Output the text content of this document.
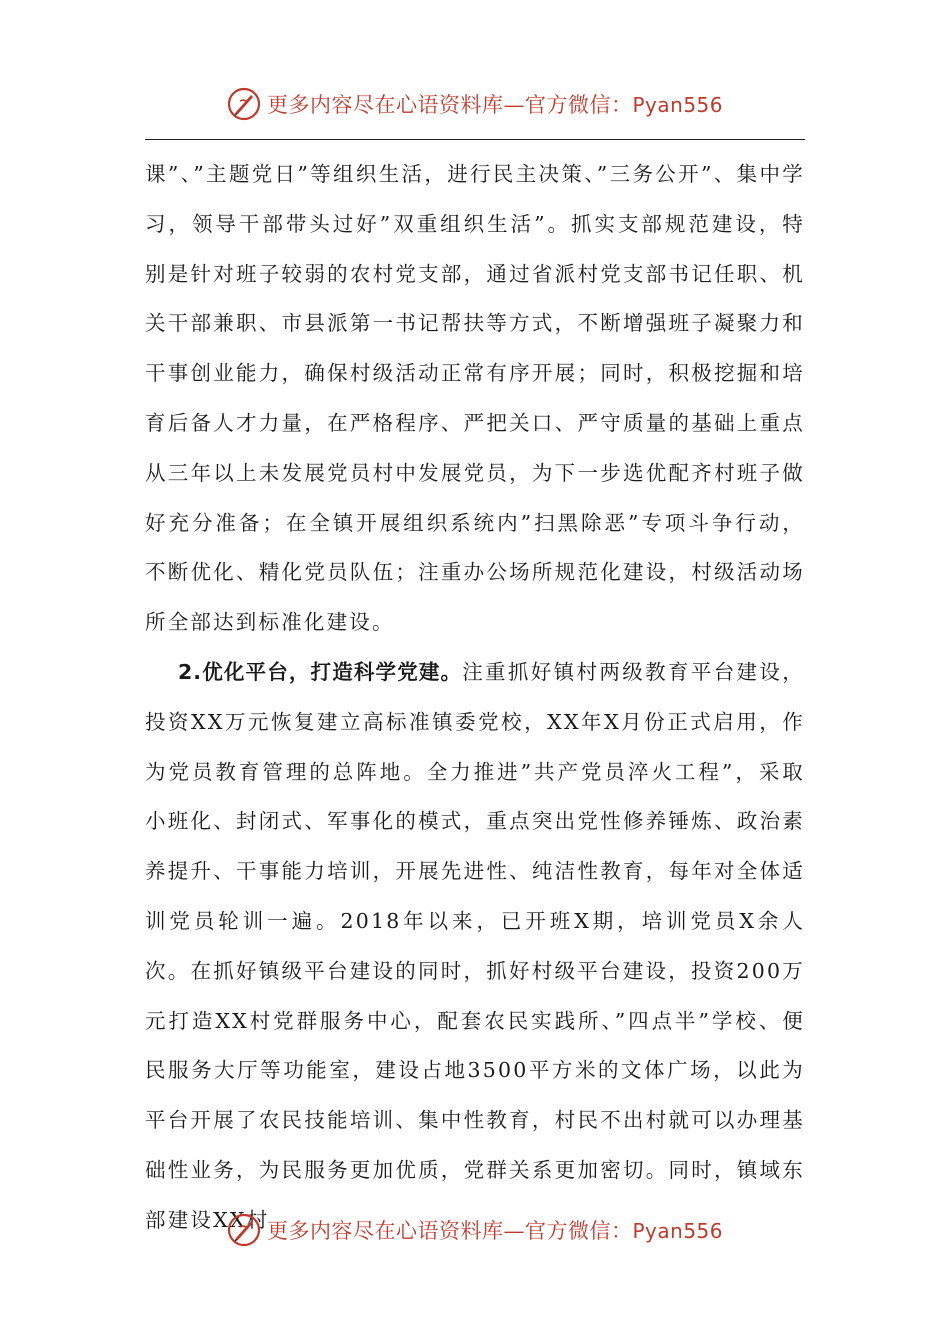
更多内容尽在心语资料库—官方微信：Pyan556

课”、”主题党日”等组织生活，进行民主决策、”三务公开”、集中学习，领导干部带头过好”双重组织生活”。抓实支部规范建设，特别是针对班子较弱的农村党支部，通过省派村党支部书记任职、机关干部兼职、市县派第一书记帮扶等方式，不断增强班子凝聚力和干事创业能力，确保村级活动正常有序开展；同时，积极挖掘和培育后备人才力量，在严格程序、严把关口、严守质量的基础上重点从三年以上未发展党员村中发展党员，为下一步选优配齐村班子做好充分准备；在全镇开展组织系统内”扫黑除恶”专项斗争行动，不断优化、精化党员队伍；注重办公场所规范化建设，村级活动场所全部达到标准化建设。

2.优化平台，打造科学党建。注重抓好镇村两级教育平台建设，投资XX万元恢复建立高标准镇委党校，XX年X月份正式启用，作为党员教育管理的总阵地。全力推进”共产党员淬火工程”，采取小班化、封闭式、军事化的模式，重点突出党性修养锤炼、政治素养提升、干事能力培训，开展先进性、纯洁性教育，每年对全体适训党员轮训一遍。2018年以来，已开班X期，培训党员X余人次。在抓好镇级平台建设的同时，抓好村级平台建设，投资200万元打造XX村党群服务中心，配套农民实践所、”四点半”学校、便民服务大厅等功能室，建设占地3500平方米的文体广场，以此为平台开展了农民技能培训、集中性教育，村民不出村就可以办理基础性业务，为民服务更加优质，党群关系更加密切。同时，镇域东部建设XX村

更多内容尽在心语资料库—官方微信：Pyan556
